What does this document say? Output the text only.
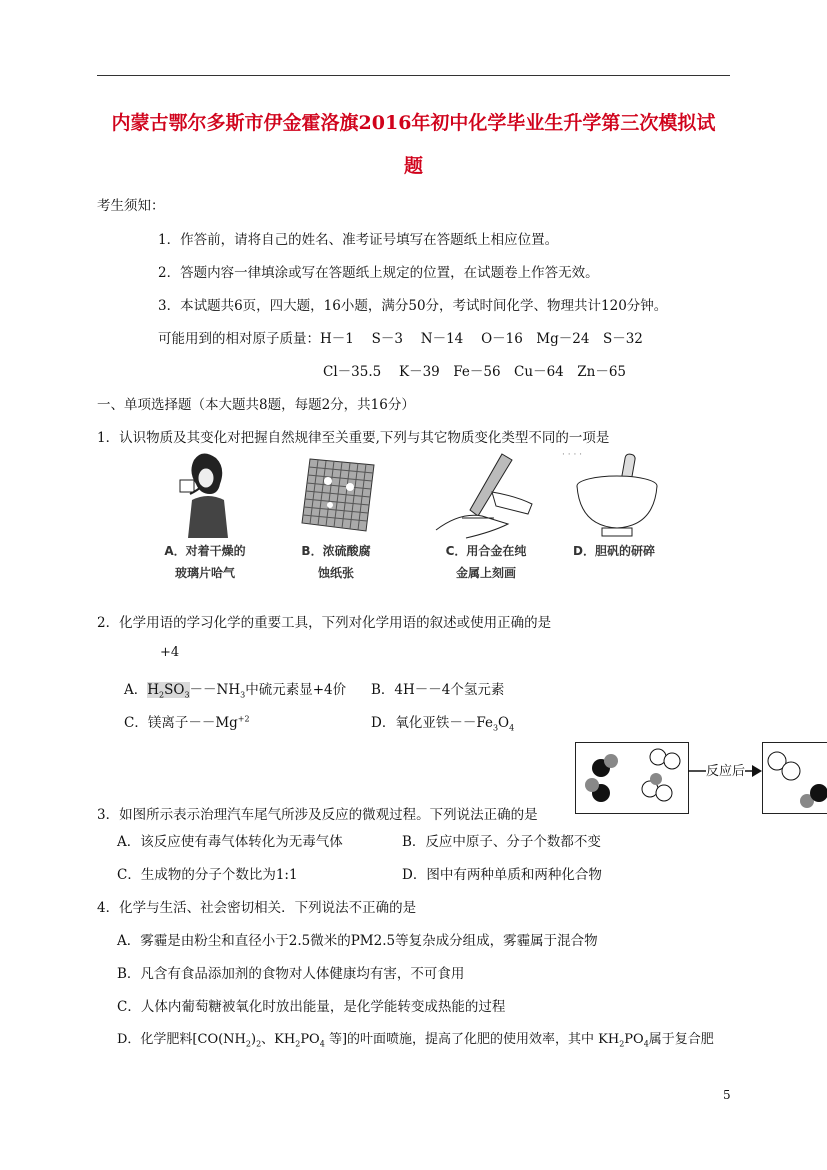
内蒙古鄂尔多斯市伊金霍洛旗2016年初中化学毕业生升学第三次模拟试
题
考生须知：
1．作答前，请将自己的姓名、准考证号填写在答题纸上相应位置。
2．答题内容一律填涂或写在答题纸上规定的位置，在试题卷上作答无效。
3．本试题共6页，四大题，16小题，满分50分，考试时间化学、物理共计120分钟。
可能用到的相对原子质量：H－1　 S－3　 N－14　 O－16　Mg－24　S－32
Cl－35.5　 K－39　Fe－56　Cu－64　Zn－65
一、单项选择题（本大题共8题，每题2分，共16分）
1．认识物质及其变化对把握自然规律至关重要,下列与其它物质变化类型不同的一项是
· · · ·
A．对着干燥的
玻璃片哈气
B．浓硫酸腐
蚀纸张
C．用合金在纯
金属上刻画
D．胆矾的研碎
2．化学用语的学习化学的重要工具，下列对化学用语的叙述或使用正确的是
+4
A．$H_2SO_3--NH_3$中硫元素显+4价 B．4H－－4个氢元素
C．镁离子$--Mg^{+2}$	D．氧化亚铁$--Fe_3O_4$
反应后
3．如图所示表示治理汽车尾气所涉及反应的微观过程。下列说法正确的是
A．该反应使有毒气体转化为无毒气体	B．反应中原子、分子个数都不变
C．生成物的分子个数比为1:1	D．图中有两种单质和两种化合物
4．化学与生活、社会密切相关．下列说法不正确的是
A．雾霾是由粉尘和直径小于2.5微米的PM2.5等复杂成分组成，雾霾属于混合物
B．凡含有食品添加剂的食物对人体健康均有害，不可食用
C．人体内葡萄糖被氧化时放出能量，是化学能转变成热能的过程
D．化学肥料[$CO(NH_2)_2$、$KH_2PO_4$ 等]的叶面喷施，提高了化肥的使用效率，其中 $KH_2PO_4$属于复合肥
5
